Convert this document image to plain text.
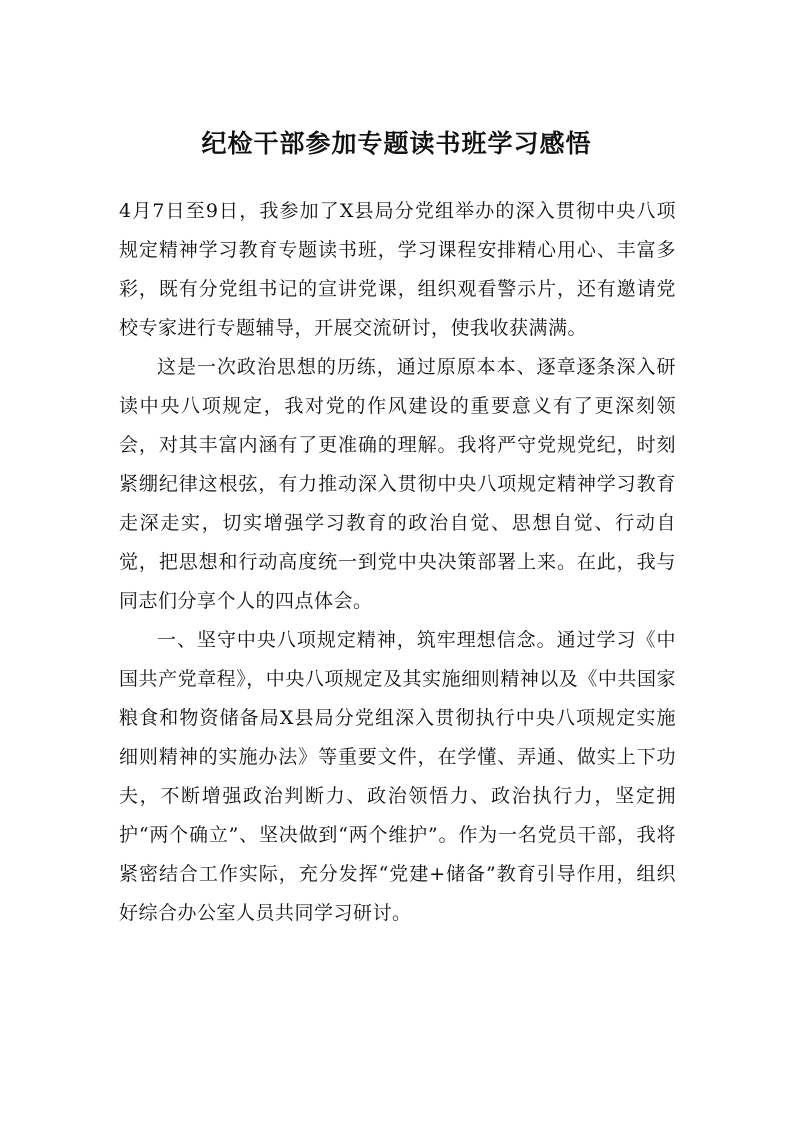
纪检干部参加专题读书班学习感悟

4月7日至9日，我参加了X县局分党组举办的深入贯彻中央八项规定精神学习教育专题读书班，学习课程安排精心用心、丰富多彩，既有分党组书记的宣讲党课，组织观看警示片，还有邀请党校专家进行专题辅导，开展交流研讨，使我收获满满。

这是一次政治思想的历练，通过原原本本、逐章逐条深入研读中央八项规定，我对党的作风建设的重要意义有了更深刻领会，对其丰富内涵有了更准确的理解。我将严守党规党纪，时刻紧绷纪律这根弦，有力推动深入贯彻中央八项规定精神学习教育走深走实，切实增强学习教育的政治自觉、思想自觉、行动自觉，把思想和行动高度统一到党中央决策部署上来。在此，我与同志们分享个人的四点体会。

一、坚守中央八项规定精神，筑牢理想信念。通过学习《中国共产党章程》，中央八项规定及其实施细则精神以及《中共国家粮食和物资储备局X县局分党组深入贯彻执行中央八项规定实施细则精神的实施办法》等重要文件，在学懂、弄通、做实上下功夫，不断增强政治判断力、政治领悟力、政治执行力，坚定拥护“两个确立”、坚决做到“两个维护”。作为一名党员干部，我将紧密结合工作实际，充分发挥“党建+储备”教育引导作用，组织好综合办公室人员共同学习研讨。
